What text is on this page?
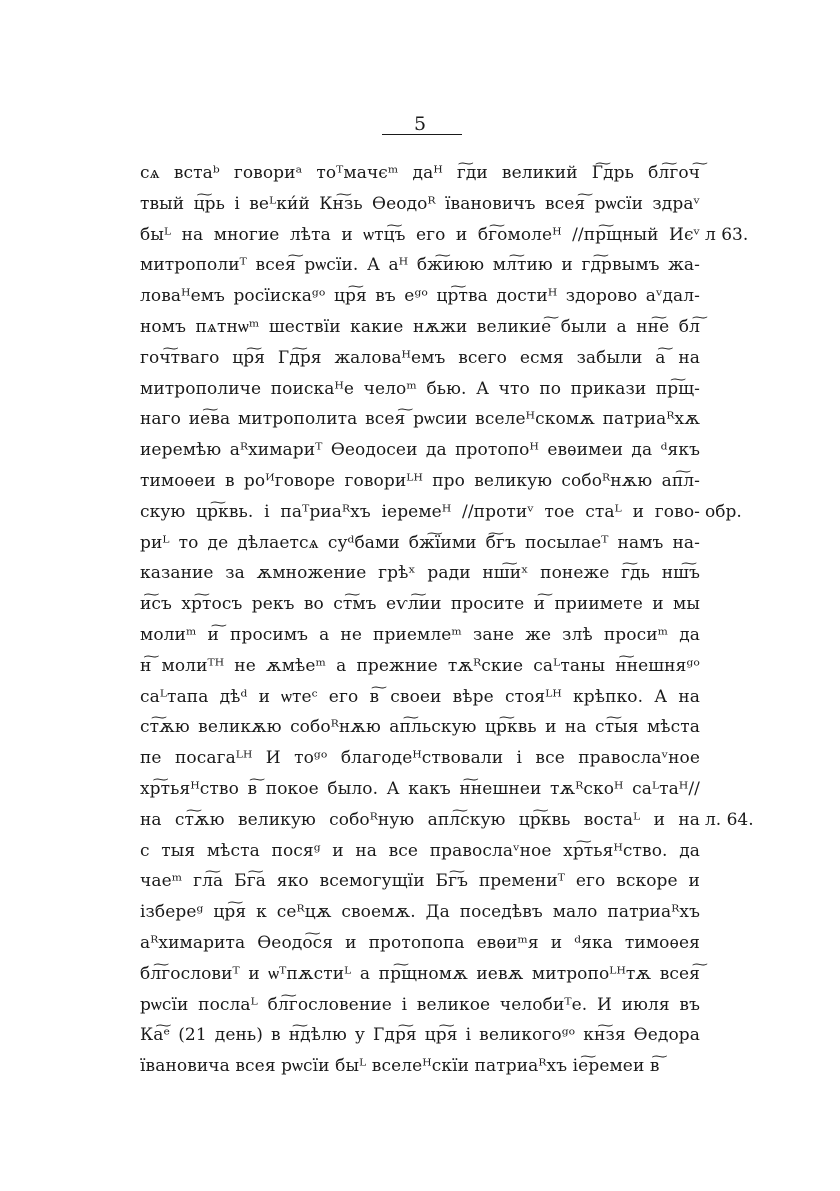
5
сѧ встаᵇ говориᵃ тоᵀмачєᵐ даᴴ г͠ди великий Г͠дрь бл͠гоч͠
твый ц͠рь і веᴸки́й Кн͠зь Өеодоᴿ ївановичъ всея͠ рѡсїи здраᵛ
быᴸ на многие лѣта и ѡтц͠ъ его и бг͠омолеᴴ //пр͠щный Иєᵛ
митрополиᵀ всея͠ рѡсїи. А аᴴ бж͠июю мл͠тию и гд͠рвымъ жа-
ловаᴴемъ росїискаᵍᵒ цр͠я въ еᵍᵒ цр͠тва достиᴴ здорово аᵛдал-
номъ пѧтнѡᵐ шествїи какие нѫжи великие͠ были а нн͠е бл͠
гоч͠тваго цр͠я Гд͠ря жаловаᴴемъ всего есмя забыли а͠ на
митрополиче поискаᴴе челоᵐ бью. А что по прикази пр͠щ-
наго ие͠ва митрополита всея͠ рѡсии вселеᴴскомѫ патриаᴿхѫ
иеремѣю аᴿхимариᵀ Өеодосеи да протопоᴴ евѳимеи да ᵈякъ
тимоѳеи в роᴻговоре говориᴸᴴ про великую собоᴿнѫю ап͠л-
скую цр͠квь. і паᵀриаᴿхъ іеремеᴴ //протиᵛ тое стаᴸ и гово-
риᴸ то де дѣлаетсѧ суᵈбами бж͠їими б͠гъ посылаеᵀ намъ на-
казание за ѫмножение грѣˣ ради нш͠иˣ понеже г͠дь нш͠ъ
и͠съ хр͠тосъ рекъ во ст͠мъ еѵл͠ии просите и͠ приимете и мы
молиᵐ и͠ просимъ а не приемлеᵐ зане же злѣ просиᵐ да
н͠ молиᵀᴴ не ѫмѣеᵐ а прежние тѫᴿские саᴸтаны н͠нешняᵍᵒ
саᴸтапа дѣᵈ и ѡтеᶜ его в͠ своеи вѣре стояᴸᴴ крѣпко. А на
ст͠ѫю великѫю собоᴿнѫю ап͠льскую цр͠квь и на ст͠ыя мѣста
пе посагаᴸᴴ И тоᵍᵒ благодеᴴствовали і все правослаᵛное
хр͠тьяᴴство в͠ покое было. А какъ н͠нешнеи тѫᴿскоᴴ саᴸтаᴴ//
на ст͠ѫю великую собоᴿную апл͠скую цр͠квь востаᴸ и на
с тыя мѣста посяᵍ и на все правослаᵛное хр͠тьяᴴство. да
чаеᵐ гл͠а Бг͠а яко всемогущїи Бг͠ъ премениᵀ его вскоре и
ізбереᵍ цр͠я к сеᴿцѫ своемѫ. Да поседѣвъ мало патриаᴿхъ
аᴿхимарита Өеодо͠ся и протопопа евѳиᵐя и ᵈяка тимоѳея
бл͠гословиᵀ и ѡᵀпѫстиᴸ а пр͠щномѫ иевѫ митропоᴸᴴтѫ всея͠
рѡсїи послаᴸ бл͠гословение і великое челобиᵀе. И июля въ
Ка͠ᵉ (21 день) в н͠дѣлю у Гдр͠я цр͠я і великогоᵍᵒ кн͠зя Өедора
ївановича всея рѡсїи быᴸ вселеᴴскїи патриаᴿхъ іе͠ремеи в͠
л 63.
обр.
л. 64.
